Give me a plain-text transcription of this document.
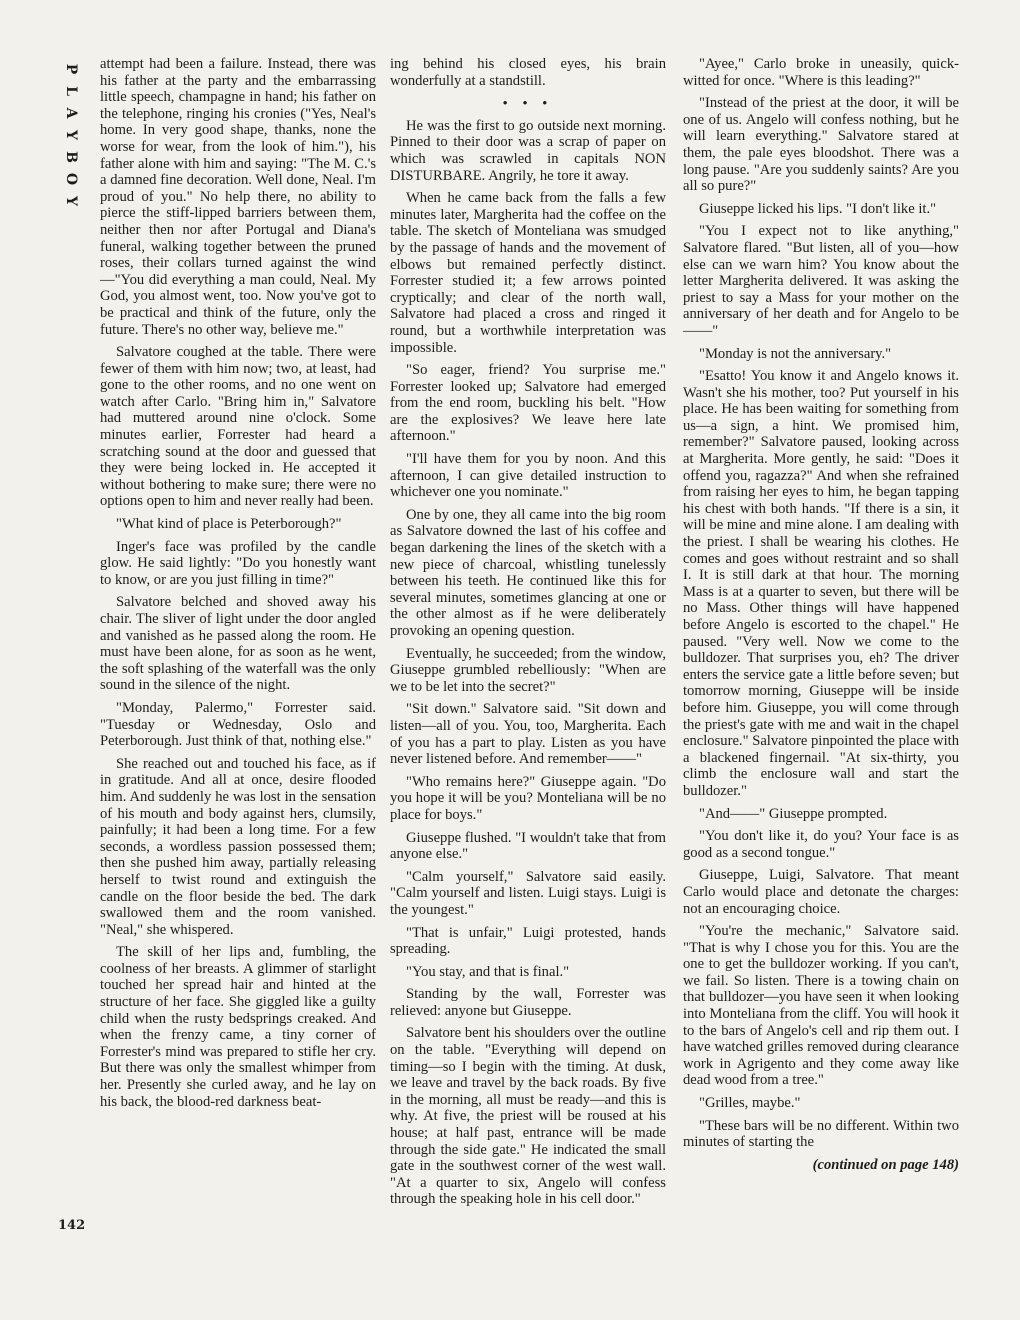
P
L
A
Y
B
O
Y

attempt had been a failure. Instead, there was his father at the party and the embarrassing little speech, champagne in hand; his father on the telephone, ringing his cronies ("Yes, Neal's home. In very good shape, thanks, none the worse for wear, from the look of him."), his father alone with him and saying: "The M. C.'s a damned fine decoration. Well done, Neal. I'm proud of you." No help there, no ability to pierce the stiff-lipped barriers between them, neither then nor after Portugal and Diana's funeral, walking together between the pruned roses, their collars turned against the wind—"You did everything a man could, Neal. My God, you almost went, too. Now you've got to be practical and think of the future, only the future. There's no other way, believe me."

Salvatore coughed at the table. There were fewer of them with him now; two, at least, had gone to the other rooms, and no one went on watch after Carlo. "Bring him in," Salvatore had muttered around nine o'clock. Some minutes earlier, Forrester had heard a scratching sound at the door and guessed that they were being locked in. He accepted it without bothering to make sure; there were no options open to him and never really had been.

"What kind of place is Peterborough?"

Inger's face was profiled by the candle glow. He said lightly: "Do you honestly want to know, or are you just filling in time?"

Salvatore belched and shoved away his chair. The sliver of light under the door angled and vanished as he passed along the room. He must have been alone, for as soon as he went, the soft splashing of the waterfall was the only sound in the silence of the night.

"Monday, Palermo," Forrester said. "Tuesday or Wednesday, Oslo and Peterborough. Just think of that, nothing else."

She reached out and touched his face, as if in gratitude. And all at once, desire flooded him. And suddenly he was lost in the sensation of his mouth and body against hers, clumsily, painfully; it had been a long time. For a few seconds, a wordless passion possessed them; then she pushed him away, partially releasing herself to twist round and extinguish the candle on the floor beside the bed. The dark swallowed them and the room vanished. "Neal," she whispered.

The skill of her lips and, fumbling, the coolness of her breasts. A glimmer of starlight touched her spread hair and hinted at the structure of her face. She giggled like a guilty child when the rusty bedsprings creaked. And when the frenzy came, a tiny corner of Forrester's mind was prepared to stifle her cry. But there was only the smallest whimper from her. Presently she curled away, and he lay on his back, the blood-red darkness beat-

ing behind his closed eyes, his brain wonderfully at a standstill.

• • •

He was the first to go outside next morning. Pinned to their door was a scrap of paper on which was scrawled in capitals NON DISTURBARE. Angrily, he tore it away.

When he came back from the falls a few minutes later, Margherita had the coffee on the table. The sketch of Monteliana was smudged by the passage of hands and the movement of elbows but remained perfectly distinct. Forrester studied it; a few arrows pointed cryptically; and clear of the north wall, Salvatore had placed a cross and ringed it round, but a worthwhile interpretation was impossible.

"So eager, friend? You surprise me." Forrester looked up; Salvatore had emerged from the end room, buckling his belt. "How are the explosives? We leave here late afternoon."

"I'll have them for you by noon. And this afternoon, I can give detailed instruction to whichever one you nominate."

One by one, they all came into the big room as Salvatore downed the last of his coffee and began darkening the lines of the sketch with a new piece of charcoal, whistling tunelessly between his teeth. He continued like this for several minutes, sometimes glancing at one or the other almost as if he were deliberately provoking an opening question.

Eventually, he succeeded; from the window, Giuseppe grumbled rebelliously: "When are we to be let into the secret?"

"Sit down." Salvatore said. "Sit down and listen—all of you. You, too, Margherita. Each of you has a part to play. Listen as you have never listened before. And remember——"

"Who remains here?" Giuseppe again. "Do you hope it will be you? Monteliana will be no place for boys."

Giuseppe flushed. "I wouldn't take that from anyone else."

"Calm yourself," Salvatore said easily. "Calm yourself and listen. Luigi stays. Luigi is the youngest."

"That is unfair," Luigi protested, hands spreading.

"You stay, and that is final."

Standing by the wall, Forrester was relieved: anyone but Giuseppe.

Salvatore bent his shoulders over the outline on the table. "Everything will depend on timing—so I begin with the timing. At dusk, we leave and travel by the back roads. By five in the morning, all must be ready—and this is why. At five, the priest will be roused at his house; at half past, entrance will be made through the side gate." He indicated the small gate in the southwest corner of the west wall. "At a quarter to six, Angelo will confess through the speaking hole in his cell door."

"Ayee," Carlo broke in uneasily, quick-witted for once. "Where is this leading?"

"Instead of the priest at the door, it will be one of us. Angelo will confess nothing, but he will learn everything." Salvatore stared at them, the pale eyes bloodshot. There was a long pause. "Are you suddenly saints? Are you all so pure?"

Giuseppe licked his lips. "I don't like it."

"You I expect not to like anything," Salvatore flared. "But listen, all of you—how else can we warn him? You know about the letter Margherita delivered. It was asking the priest to say a Mass for your mother on the anniversary of her death and for Angelo to be——"

"Monday is not the anniversary."

"Esatto! You know it and Angelo knows it. Wasn't she his mother, too? Put yourself in his place. He has been waiting for something from us—a sign, a hint. We promised him, remember?" Salvatore paused, looking across at Margherita. More gently, he said: "Does it offend you, ragazza?" And when she refrained from raising her eyes to him, he began tapping his chest with both hands. "If there is a sin, it will be mine and mine alone. I am dealing with the priest. I shall be wearing his clothes. He comes and goes without restraint and so shall I. It is still dark at that hour. The morning Mass is at a quarter to seven, but there will be no Mass. Other things will have happened before Angelo is escorted to the chapel." He paused. "Very well. Now we come to the bulldozer. That surprises you, eh? The driver enters the service gate a little before seven; but tomorrow morning, Giuseppe will be inside before him. Giuseppe, you will come through the priest's gate with me and wait in the chapel enclosure." Salvatore pinpointed the place with a blackened fingernail. "At six-thirty, you climb the enclosure wall and start the bulldozer."

"And——" Giuseppe prompted.

"You don't like it, do you? Your face is as good as a second tongue."

Giuseppe, Luigi, Salvatore. That meant Carlo would place and detonate the charges: not an encouraging choice.

"You're the mechanic," Salvatore said. "That is why I chose you for this. You are the one to get the bulldozer working. If you can't, we fail. So listen. There is a towing chain on that bulldozer—you have seen it when looking into Monteliana from the cliff. You will hook it to the bars of Angelo's cell and rip them out. I have watched grilles removed during clearance work in Agrigento and they come away like dead wood from a tree."

"Grilles, maybe."

"These bars will be no different. Within two minutes of starting the

(continued on page 148)
142
